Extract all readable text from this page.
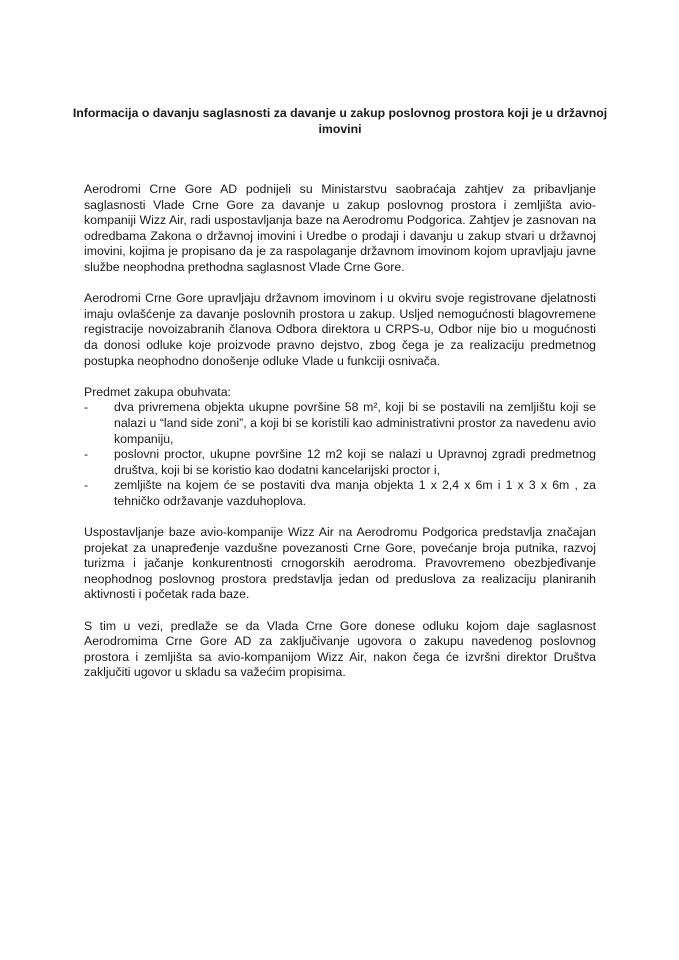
Informacija o davanju saglasnosti za davanje u zakup poslovnog prostora koji je u državnoj imovini

Aerodromi Crne Gore AD podnijeli su Ministarstvu saobraćaja zahtjev za pribavljanje saglasnosti Vlade Crne Gore za davanje u zakup poslovnog prostora i zemljišta avio-kompaniji Wizz Air, radi uspostavljanja baze na Aerodromu Podgorica. Zahtjev je zasnovan na odredbama Zakona o državnoj imovini i Uredbe o prodaji i davanju u zakup stvari u državnoj imovini, kojima je propisano da je za raspolaganje državnom imovinom kojom upravljaju javne službe neophodna prethodna saglasnost Vlade Crne Gore.

Aerodromi Crne Gore upravljaju državnom imovinom i u okviru svoje registrovane djelatnosti imaju ovlašćenje za davanje poslovnih prostora u zakup. Usljed nemogućnosti blagovremene registracije novoizabranih članova Odbora direktora u CRPS-u, Odbor nije bio u mogućnosti da donosi odluke koje proizvode pravno dejstvo, zbog čega je za realizaciju predmetnog postupka neophodno donošenje odluke Vlade u funkciji osnivača.

Predmet zakupa obuhvata:

-	dva privremena objekta ukupne površine 58 m², koji bi se postavili na zemljištu koji se nalazi u “land side zoni”, a koji bi se koristili kao administrativni prostor za navedenu avio kompaniju,
-	poslovni proctor, ukupne površine 12 m2 koji se nalazi u Upravnoj zgradi predmetnog društva, koji bi se koristio kao dodatni kancelarijski proctor i,
-	zemljište na kojem će se postaviti dva manja objekta 1 x 2,4 x 6m i 1 x 3 x 6m , za tehničko održavanje vazduhoplova.

Uspostavljanje baze avio-kompanije Wizz Air na Aerodromu Podgorica predstavlja značajan projekat za unapređenje vazdušne povezanosti Crne Gore, povećanje broja putnika, razvoj turizma i jačanje konkurentnosti crnogorskih aerodroma. Pravovremeno obezbjeđivanje neophodnog poslovnog prostora predstavlja jedan od preduslova za realizaciju planiranih aktivnosti i početak rada baze.

S tim u vezi, predlaže se da Vlada Crne Gore donese odluku kojom daje saglasnost Aerodromima Crne Gore AD za zaključivanje ugovora o zakupu navedenog poslovnog prostora i zemljišta sa avio-kompanijom Wizz Air, nakon čega će izvršni direktor Društva zaključiti ugovor u skladu sa važećim propisima.
